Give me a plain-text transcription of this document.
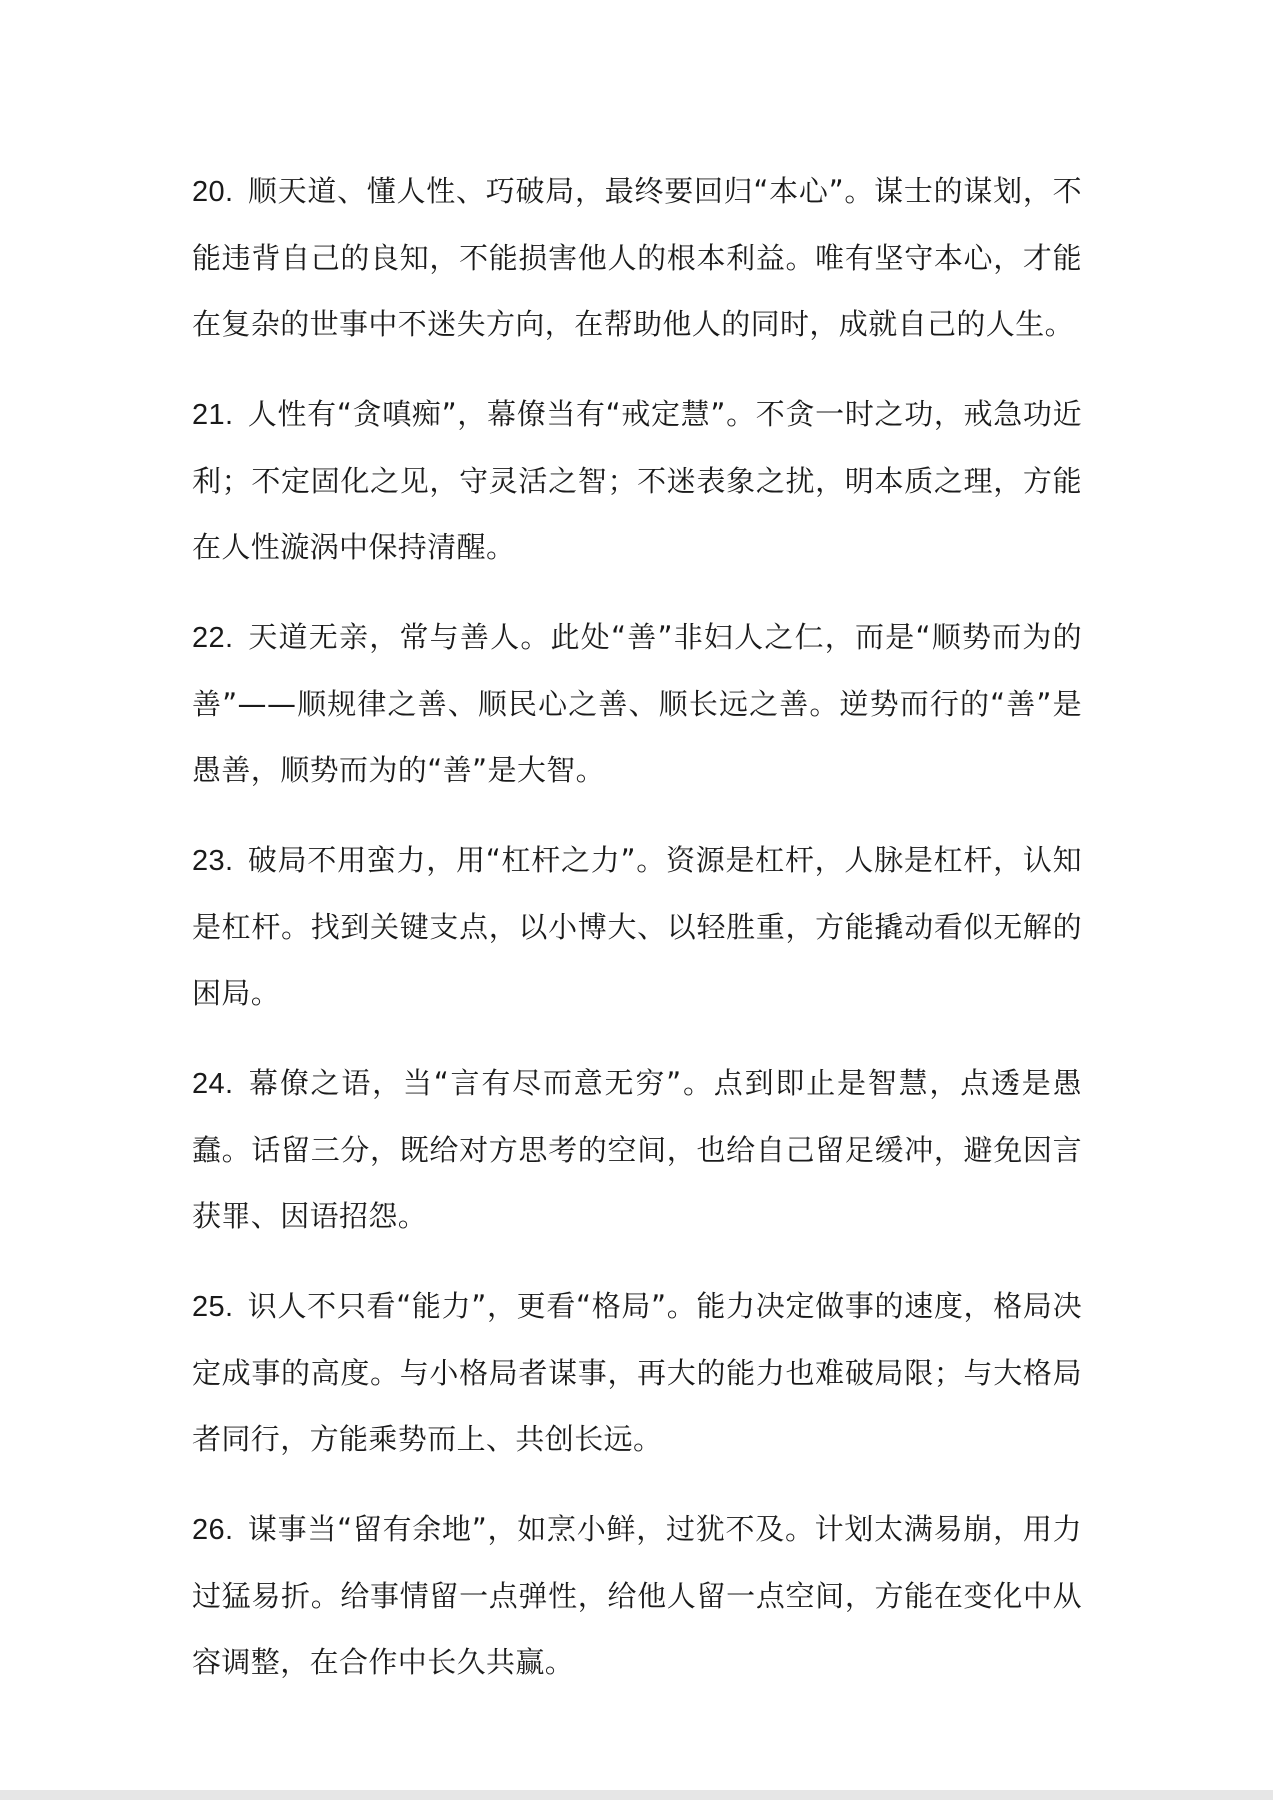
20. 顺天道、懂人性、巧破局，最终要回归“本心”。谋士的谋划，不能违背自己的良知，不能损害他人的根本利益。唯有坚守本心，才能在复杂的世事中不迷失方向，在帮助他人的同时，成就自己的人生。

21. 人性有“贪嗔痴”，幕僚当有“戒定慧”。不贪一时之功，戒急功近利；不定固化之见，守灵活之智；不迷表象之扰，明本质之理，方能在人性漩涡中保持清醒。

22. 天道无亲，常与善人。此处“善”非妇人之仁，而是“顺势而为的善”——顺规律之善、顺民心之善、顺长远之善。逆势而行的“善”是愚善，顺势而为的“善”是大智。

23. 破局不用蛮力，用“杠杆之力”。资源是杠杆，人脉是杠杆，认知是杠杆。找到关键支点，以小博大、以轻胜重，方能撬动看似无解的困局。

24. 幕僚之语，当“言有尽而意无穷”。点到即止是智慧，点透是愚蠢。话留三分，既给对方思考的空间，也给自己留足缓冲，避免因言获罪、因语招怨。

25. 识人不只看“能力”，更看“格局”。能力决定做事的速度，格局决定成事的高度。与小格局者谋事，再大的能力也难破局限；与大格局者同行，方能乘势而上、共创长远。

26. 谋事当“留有余地”，如烹小鲜，过犹不及。计划太满易崩，用力过猛易折。给事情留一点弹性，给他人留一点空间，方能在变化中从容调整，在合作中长久共赢。
